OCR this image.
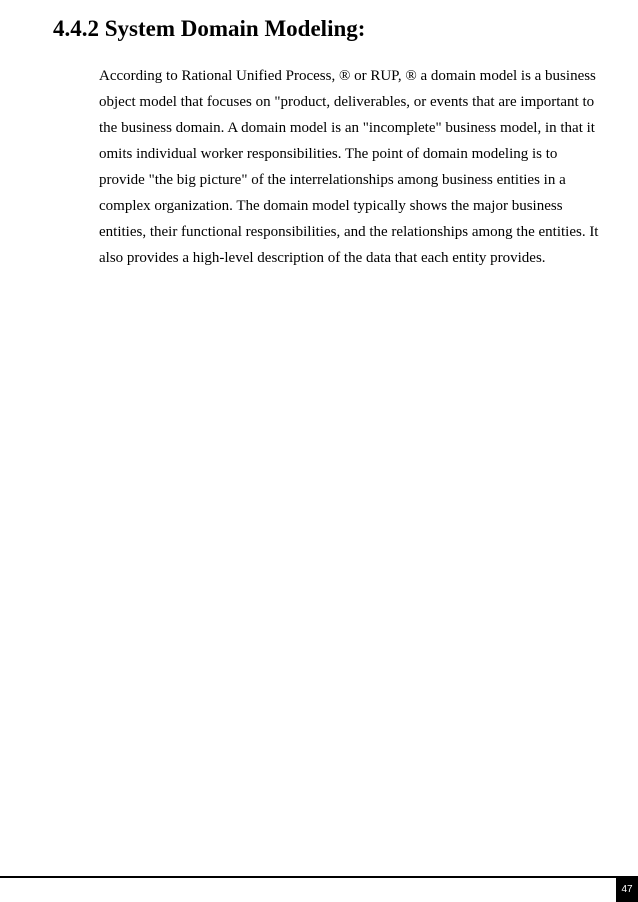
4.4.2 System Domain Modeling:
According to Rational Unified Process, ® or RUP, ® a domain model is a business
object model that focuses on "product, deliverables, or events that are important to
the business domain. A domain model is an "incomplete" business model, in that it
omits individual worker responsibilities. The point of domain modeling is to
provide "the big picture" of the interrelationships among business entities in a
complex organization. The domain model typically shows the major business
entities, their functional responsibilities, and the relationships among the entities. It
also provides a high-level description of the data that each entity provides.
47
